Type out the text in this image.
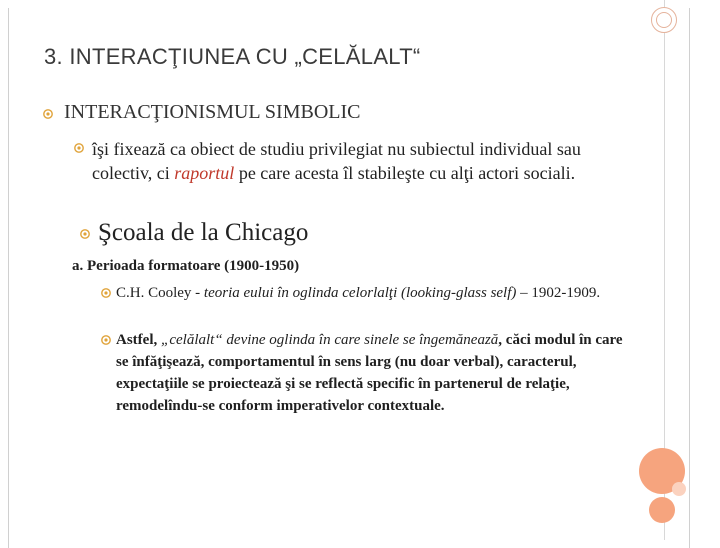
3. INTERACŢIUNEA CU „CELĂLALT“
INTERACŢIONISMUL SIMBOLIC
îşi fixează ca obiect de studiu privilegiat nu subiectul individual sau colectiv, ci raportul pe care acesta îl stabileşte cu alţi actori sociali.
Şcoala de la Chicago
a. Perioada formatoare (1900-1950)
C.H. Cooley - teoria eului în oglinda celorlalţi (looking-glass self) – 1902-1909.
Astfel, „celălalt“ devine oglinda în care sinele se îngemănează, căci modul în care se înfăţişează, comportamentul în sens larg (nu doar verbal), caracterul, expectaţiile se proiectează şi se reflectă specific în partenerul de relaţie, remodelîndu-se conform imperativelor contextuale.
